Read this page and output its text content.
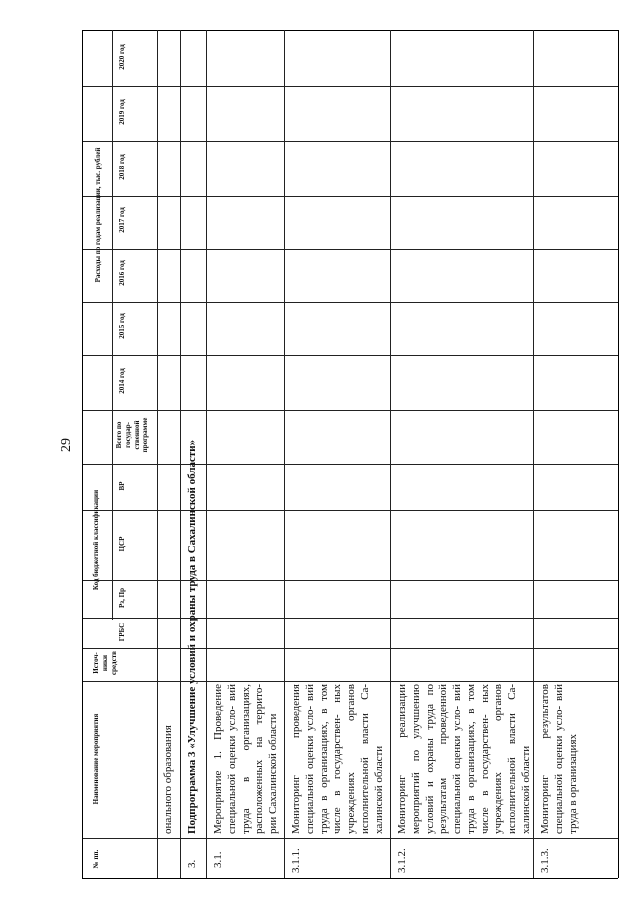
29
№ пп.
Наименование мероприятия
Источ- ники средств
Код бюджетной классификации
ГРБС
Рз, Пр
ЦСР
ВР
Всего по государ- ственной программе
Расходы по годам реализации, тыс. рублей
2014 год
2015 год
2016 год
2017 год
2018 год
2019 год
2020 год
онального образования
3.
Подпрограмма 3 «Улучшение условий и охраны труда в Сахалинской области»
3.1.
Мероприятие 1. Проведение специальной оценки усло- вий труда в организациях, расположенных на террито- рии Сахалинской области
3.1.1.
Мониторинг проведения специальной оценки усло- вий труда в организациях, в том числе в государствен- ных учреждениях органов исполнительной власти Са- халинской области
3.1.2.
Мониторинг реализации мероприятий по улучшению условий и охраны труда по результатам проведенной специальной оценки усло- вий труда в организациях, в том числе в государствен- ных учреждениях органов исполнительной власти Са- халинской области
3.1.3.
Мониторинг результатов специальной оценки усло- вий труда в организациях
